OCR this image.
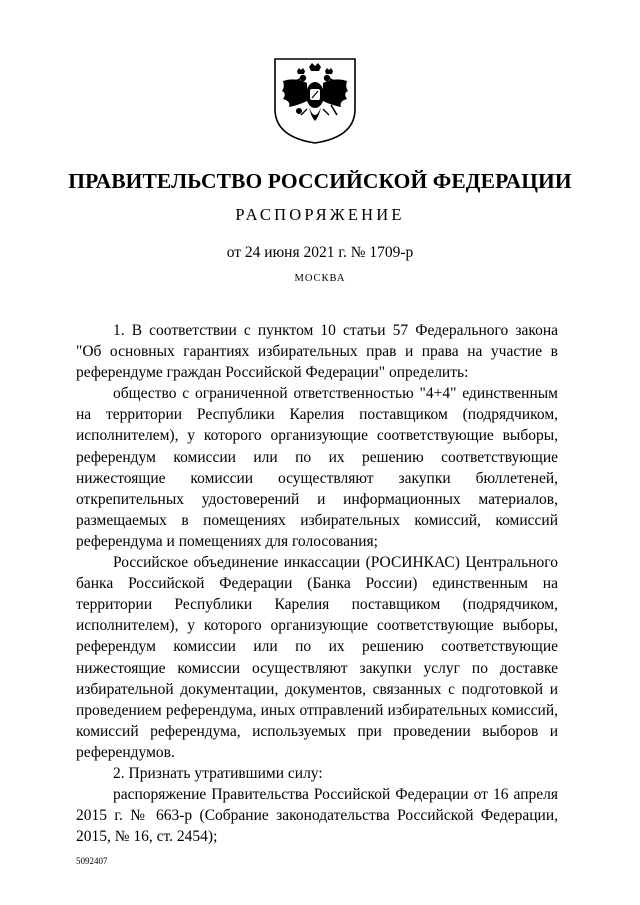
ПРАВИТЕЛЬСТВО РОССИЙСКОЙ ФЕДЕРАЦИИ
РАСПОРЯЖЕНИЕ
от 24 июня 2021 г. № 1709-р
МОСКВА

1. В соответствии с пунктом 10 статьи 57 Федерального закона "Об основных гарантиях избирательных прав и права на участие в референдуме граждан Российской Федерации" определить:

общество с ограниченной ответственностью "4+4" единственным на территории Республики Карелия поставщиком (подрядчиком, исполнителем), у которого организующие соответствующие выборы, референдум комиссии или по их решению соответствующие нижестоящие комиссии осуществляют закупки бюллетеней, открепительных удостоверений и информационных материалов, размещаемых в помещениях избирательных комиссий, комиссий референдума и помещениях для голосования;

Российское объединение инкассации (РОСИНКАС) Центрального банка Российской Федерации (Банка России) единственным на территории Республики Карелия поставщиком (подрядчиком, исполнителем), у которого организующие соответствующие выборы, референдум комиссии или по их решению соответствующие нижестоящие комиссии осуществляют закупки услуг по доставке избирательной документации, документов, связанных с подготовкой и проведением референдума, иных отправлений избирательных комиссий, комиссий референдума, используемых при проведении выборов и референдумов.

2. Признать утратившими силу:

распоряжение Правительства Российской Федерации от 16 апреля 2015 г. № 663-р (Собрание законодательства Российской Федерации, 2015, № 16, ст. 2454);

5092407
